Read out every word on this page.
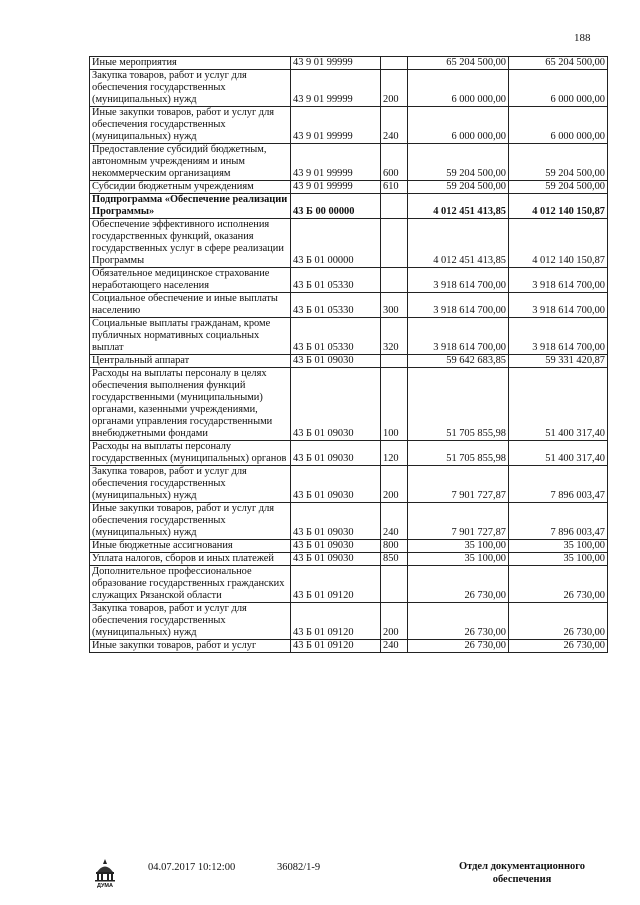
188
Иные мероприятия	43 9 01 99999		65 204 500,00	65 204 500,00
Закупка товаров, работ и услуг для обеспечения государственных (муниципальных) нужд	43 9 01 99999	200	6 000 000,00	6 000 000,00
Иные закупки товаров, работ и услуг для обеспечения государственных (муниципальных) нужд	43 9 01 99999	240	6 000 000,00	6 000 000,00
Предоставление субсидий бюджетным, автономным учреждениям и иным некоммерческим организациям	43 9 01 99999	600	59 204 500,00	59 204 500,00
Субсидии бюджетным учреждениям	43 9 01 99999	610	59 204 500,00	59 204 500,00
Подпрограмма «Обеспечение реализации Программы»	43 Б 00 00000		4 012 451 413,85	4 012 140 150,87
Обеспечение эффективного исполнения государственных функций, оказания государственных услуг в сфере реализации Программы	43 Б 01 00000		4 012 451 413,85	4 012 140 150,87
Обязательное медицинское страхование неработающего населения	43 Б 01 05330		3 918 614 700,00	3 918 614 700,00
Социальное обеспечение и иные выплаты населению	43 Б 01 05330	300	3 918 614 700,00	3 918 614 700,00
Социальные выплаты гражданам, кроме публичных нормативных социальных выплат	43 Б 01 05330	320	3 918 614 700,00	3 918 614 700,00
Центральный аппарат	43 Б 01 09030		59 642 683,85	59 331 420,87
Расходы на выплаты персоналу в целях обеспечения выполнения функций государственными (муниципальными) органами, казенными учреждениями, органами управления государственными внебюджетными фондами	43 Б 01 09030	100	51 705 855,98	51 400 317,40
Расходы на выплаты персоналу государственных (муниципальных) органов	43 Б 01 09030	120	51 705 855,98	51 400 317,40
Закупка товаров, работ и услуг для обеспечения государственных (муниципальных) нужд	43 Б 01 09030	200	7 901 727,87	7 896 003,47
Иные закупки товаров, работ и услуг для обеспечения государственных (муниципальных) нужд	43 Б 01 09030	240	7 901 727,87	7 896 003,47
Иные бюджетные ассигнования	43 Б 01 09030	800	35 100,00	35 100,00
Уплата налогов, сборов и иных платежей	43 Б 01 09030	850	35 100,00	35 100,00
Дополнительное профессиональное образование государственных гражданских служащих Рязанской области	43 Б 01 09120		26 730,00	26 730,00
Закупка товаров, работ и услуг для обеспечения государственных (муниципальных) нужд	43 Б 01 09120	200	26 730,00	26 730,00
Иные закупки товаров, работ и услуг	43 Б 01 09120	240	26 730,00	26 730,00
ДУМА
04.07.2017 10:12:00	36082/1-9	Отдел документационного обеспечения
